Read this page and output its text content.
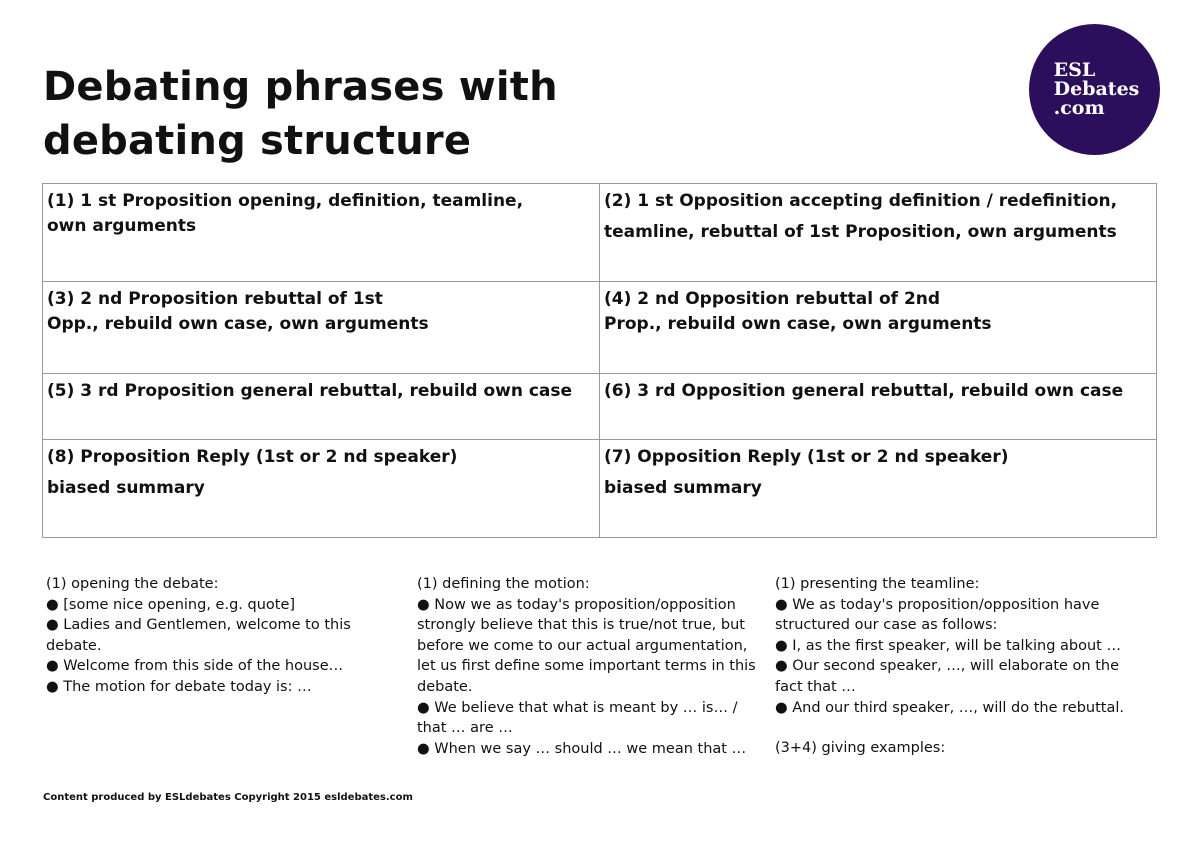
Debating phrases with debating structure
ESL
Debates
.com
(1) 1 st Proposition opening, definition, teamline,
own arguments	(2) 1 st Opposition accepting definition / redefinition,
teamline, rebuttal of 1st Proposition, own arguments

(3) 2 nd Proposition rebuttal of 1st
Opp., rebuild own case, own arguments	(4) 2 nd Opposition rebuttal of 2nd
Prop., rebuild own case, own arguments

(5) 3 rd Proposition general rebuttal, rebuild own case	(6) 3 rd Opposition general rebuttal, rebuild own case

(8) Proposition Reply (1st or 2 nd speaker)
biased summary	(7) Opposition Reply (1st or 2 nd speaker)
biased summary
(1) opening the debate:
● [some nice opening, e.g. quote]
● Ladies and Gentlemen, welcome to this debate.
● Welcome from this side of the house…
● The motion for debate today is: …
(1) defining the motion:
● Now we as today's proposition/opposition strongly believe that this is true/not true, but before we come to our actual argumentation, let us first define some important terms in this debate.
● We believe that what is meant by … is… / that … are …
● When we say … should … we mean that …
(1) presenting the teamline:
● We as today's proposition/opposition have structured our case as follows:
● I, as the first speaker, will be talking about …
● Our second speaker, …, will elaborate on the fact that …
● And our third speaker, …, will do the rebuttal.
(3+4) giving examples:
Content produced by ESLdebates Copyright 2015 esldebates.com
